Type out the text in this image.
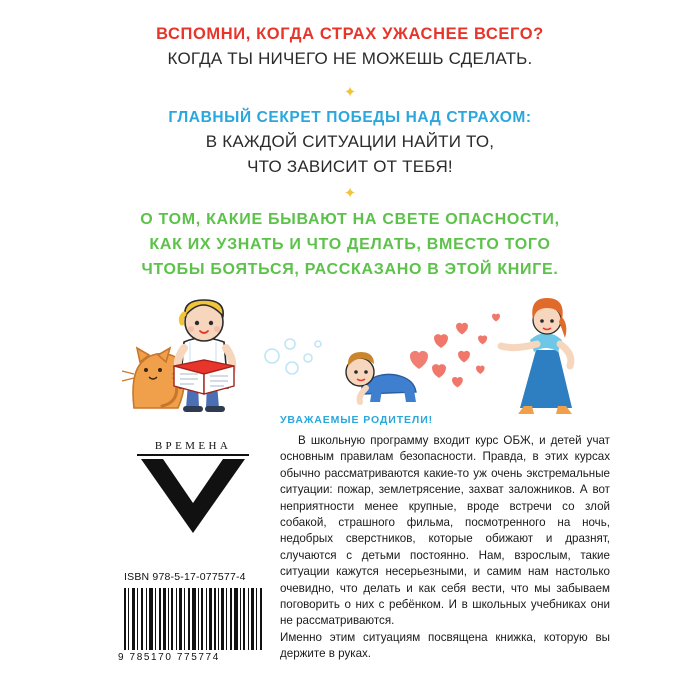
ВСПОМНИ, КОГДА СТРАХ УЖАСНЕЕ ВСЕГО?
КОГДА ТЫ НИЧЕГО НЕ МОЖЕШЬ СДЕЛАТЬ.
✦
ГЛАВНЫЙ СЕКРЕТ ПОБЕДЫ НАД СТРАХОМ:
В КАЖДОЙ СИТУАЦИИ НАЙТИ ТО,
ЧТО ЗАВИСИТ ОТ ТЕБЯ!
✦
О ТОМ, КАКИЕ БЫВАЮТ НА СВЕТЕ ОПАСНОСТИ,
КАК ИХ УЗНАТЬ И ЧТО ДЕЛАТЬ, ВМЕСТО ТОГО
ЧТОБЫ БОЯТЬСЯ, РАССКАЗАНО В ЭТОЙ КНИГЕ.
ВРЕМЕНА
ISBN 978-5-17-077577-4
9 785170 775774
УВАЖАЕМЫЕ РОДИТЕЛИ!

В школьную программу входит курс ОБЖ, и детей учат основным правилам безопасности. Правда, в этих курсах обычно рассматриваются какие-то уж очень экстремальные ситуации: пожар, землетрясение, захват заложников. А вот неприятности менее крупные, вроде встречи со злой собакой, страшного фильма, посмотренного на ночь, недобрых сверстников, которые обижают и дразнят, случаются с детьми постоянно. Нам, взрослым, такие ситуации кажутся несерьезными, и самим нам настолько очевидно, что делать и как себя вести, что мы забываем поговорить о них с ребёнком. И в школьных учебниках они не рассматриваются.

Именно этим ситуациям посвящена книжка, которую вы держите в руках.
